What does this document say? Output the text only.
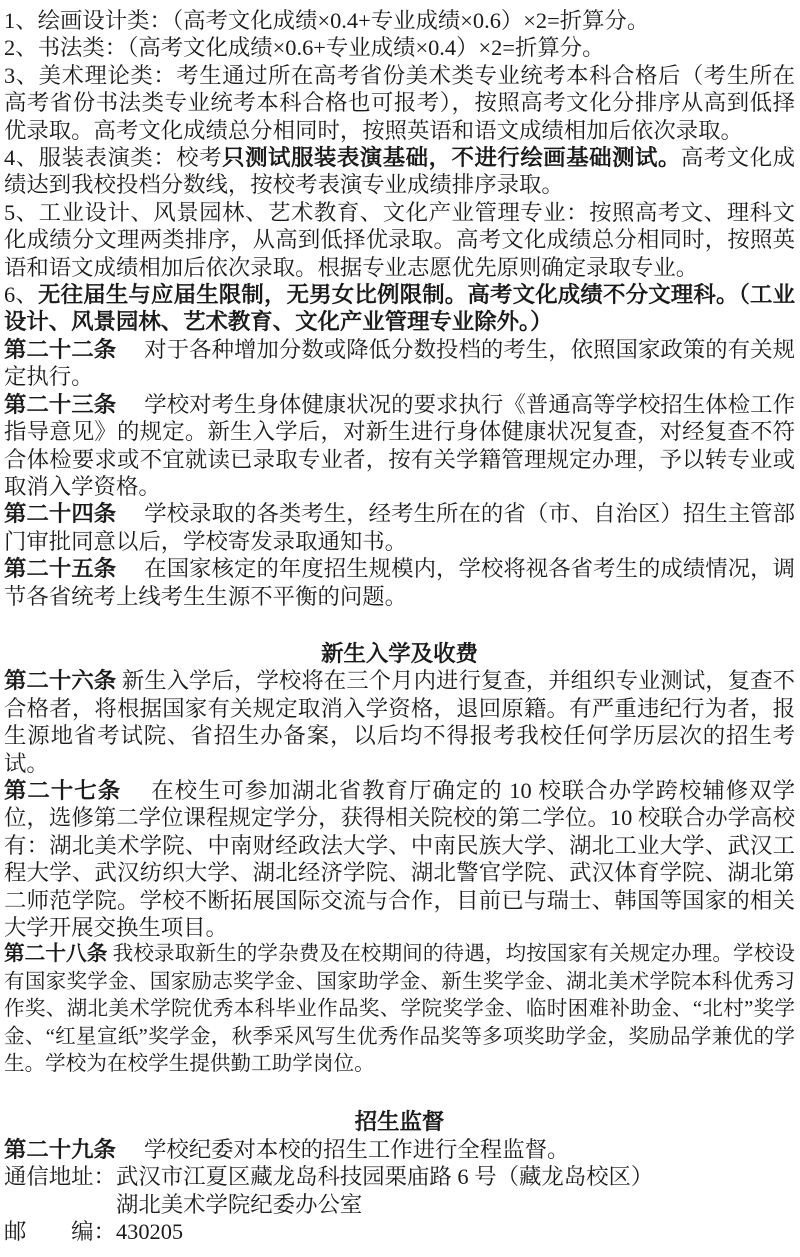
1、绘画设计类：（高考文化成绩×0.4+专业成绩×0.6）×2=折算分。
2、书法类：（高考文化成绩×0.6+专业成绩×0.4）×2=折算分。
3、美术理论类：考生通过所在高考省份美术类专业统考本科合格后（考生所在高考省份书法类专业统考本科合格也可报考），按照高考文化分排序从高到低择优录取。高考文化成绩总分相同时，按照英语和语文成绩相加后依次录取。
4、服装表演类：校考只测试服装表演基础，不进行绘画基础测试。高考文化成绩达到我校投档分数线，按校考表演专业成绩排序录取。
5、工业设计、风景园林、艺术教育、文化产业管理专业：按照高考文、理科文化成绩分文理两类排序，从高到低择优录取。高考文化成绩总分相同时，按照英语和语文成绩相加后依次录取。根据专业志愿优先原则确定录取专业。
6、无往届生与应届生限制，无男女比例限制。高考文化成绩不分文理科。（工业设计、风景园林、艺术教育、文化产业管理专业除外。）
第二十二条　 对于各种增加分数或降低分数投档的考生，依照国家政策的有关规定执行。
第二十三条　 学校对考生身体健康状况的要求执行《普通高等学校招生体检工作指导意见》的规定。新生入学后，对新生进行身体健康状况复查，对经复查不符合体检要求或不宜就读已录取专业者，按有关学籍管理规定办理，予以转专业或取消入学资格。
第二十四条　 学校录取的各类考生，经考生所在的省（市、自治区）招生主管部门审批同意以后，学校寄发录取通知书。
第二十五条　 在国家核定的年度招生规模内，学校将视各省考生的成绩情况，调节各省统考上线考生生源不平衡的问题。
新生入学及收费
第二十六条 新生入学后，学校将在三个月内进行复查，并组织专业测试，复查不合格者，将根据国家有关规定取消入学资格，退回原籍。有严重违纪行为者，报生源地省考试院、省招生办备案，以后均不得报考我校任何学历层次的招生考试。
第二十七条　 在校生可参加湖北省教育厅确定的 10 校联合办学跨校辅修双学位，选修第二学位课程规定学分，获得相关院校的第二学位。10 校联合办学高校有：湖北美术学院、中南财经政法大学、中南民族大学、湖北工业大学、武汉工程大学、武汉纺织大学、湖北经济学院、湖北警官学院、武汉体育学院、湖北第二师范学院。学校不断拓展国际交流与合作，目前已与瑞士、韩国等国家的相关大学开展交换生项目。
第二十八条 我校录取新生的学杂费及在校期间的待遇，均按国家有关规定办理。学校设有国家奖学金、国家励志奖学金、国家助学金、新生奖学金、湖北美术学院本科优秀习作奖、湖北美术学院优秀本科毕业作品奖、学院奖学金、临时困难补助金、“北村”奖学金、“红星宣纸”奖学金，秋季采风写生优秀作品奖等多项奖助学金，奖励品学兼优的学生。学校为在校学生提供勤工助学岗位。
招生监督
第二十九条　 学校纪委对本校的招生工作进行全程监督。
通信地址：武汉市江夏区藏龙岛科技园栗庙路 6 号（藏龙岛校区）
　　　　　湖北美术学院纪委办公室
邮　　编：430205
